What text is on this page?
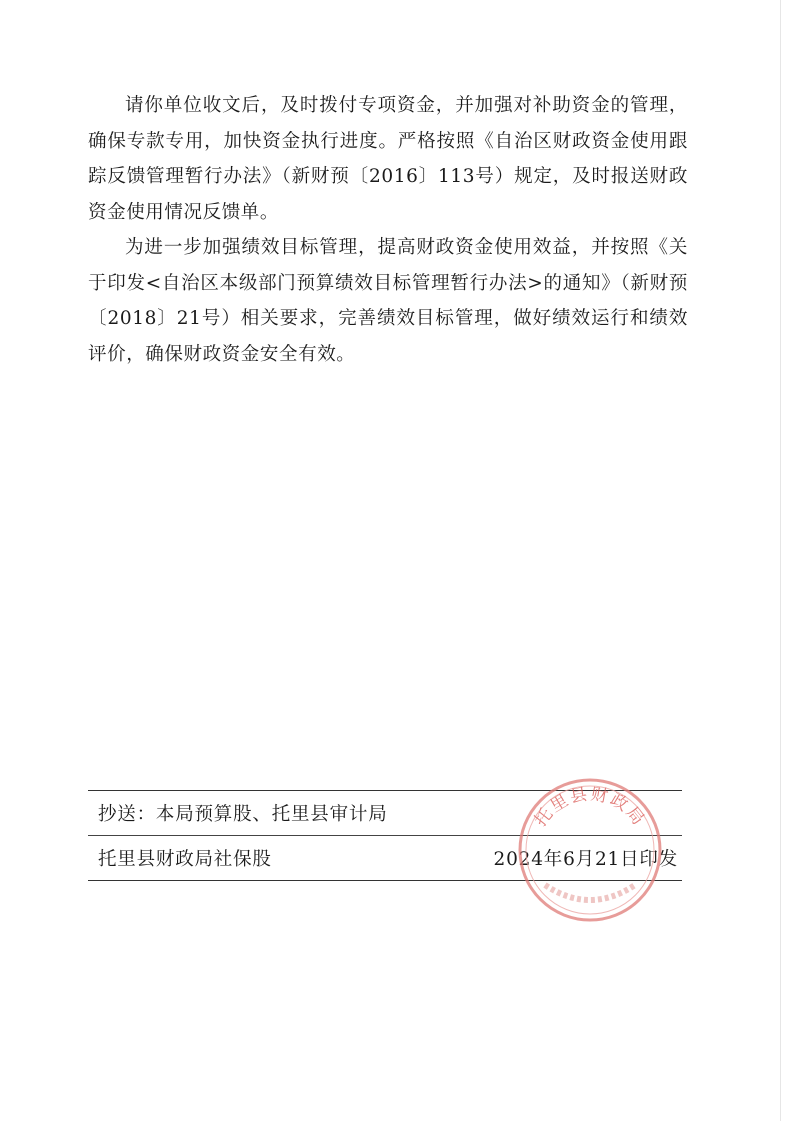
请你单位收文后，及时拨付专项资金，并加强对补助资金的管理，确保专款专用，加快资金执行进度。严格按照《自治区财政资金使用跟踪反馈管理暂行办法》（新财预〔2016〕113号）规定，及时报送财政资金使用情况反馈单。

为进一步加强绩效目标管理，提高财政资金使用效益，并按照《关于印发<自治区本级部门预算绩效目标管理暂行办法>的通知》（新财预〔2018〕21号）相关要求，完善绩效目标管理，做好绩效运行和绩效评价，确保财政资金安全有效。

抄送：本局预算股、托里县审计局
托里县财政局社保股	2024年6月21日印发
托里县财政局
